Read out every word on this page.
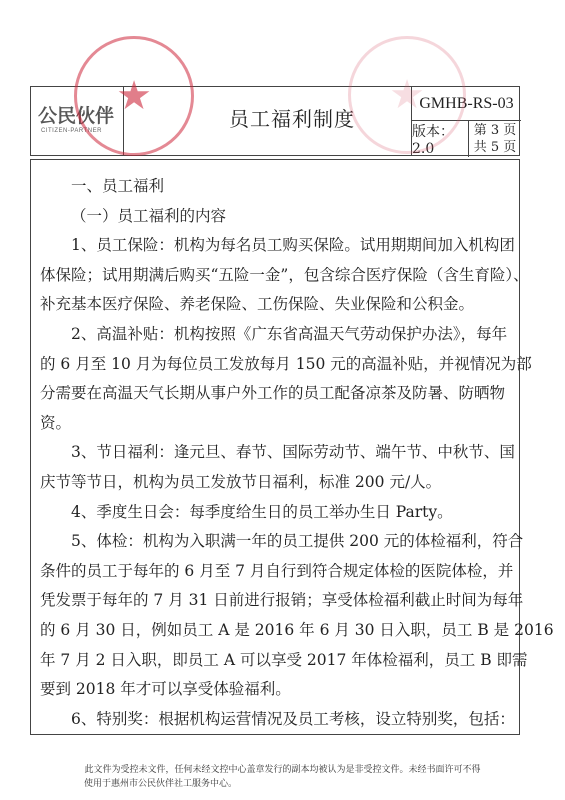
公民伙伴
CITIZEN-PARTNER	员工福利制度
GMHB-RS-03
版本：2.0
第 3 页
共 5 页
★	★
一、员工福利
（一）员工福利的内容
1、员工保险：机构为每名员工购买保险。试用期期间加入机构团
体保险；试用期满后购买“五险一金”，包含综合医疗保险（含生育险）、
补充基本医疗保险、养老保险、工伤保险、失业保险和公积金。
2、高温补贴：机构按照《广东省高温天气劳动保护办法》，每年
的 6 月至 10 月为每位员工发放每月 150 元的高温补贴，并视情况为部
分需要在高温天气长期从事户外工作的员工配备凉茶及防暑、防晒物
资。
3、节日福利：逢元旦、春节、国际劳动节、端午节、中秋节、国
庆节等节日，机构为员工发放节日福利，标准 200 元/人。
4、季度生日会：每季度给生日的员工举办生日 Party。
5、体检：机构为入职满一年的员工提供 200 元的体检福利，符合
条件的员工于每年的 6 月至 7 月自行到符合规定体检的医院体检，并
凭发票于每年的 7 月 31 日前进行报销；享受体检福利截止时间为每年
的 6 月 30 日，例如员工 A 是 2016 年 6 月 30 日入职，员工 B 是 2016
年 7 月 2 日入职，即员工 A 可以享受 2017 年体检福利，员工 B 即需
要到 2018 年才可以享受体验福利。
6、特别奖：根据机构运营情况及员工考核，设立特别奖，包括：
此文件为受控未文件，任何未经文控中心盖章发行的副本均被认为是非受控文件。未经书面许可不得
使用于惠州市公民伙伴社工服务中心。
